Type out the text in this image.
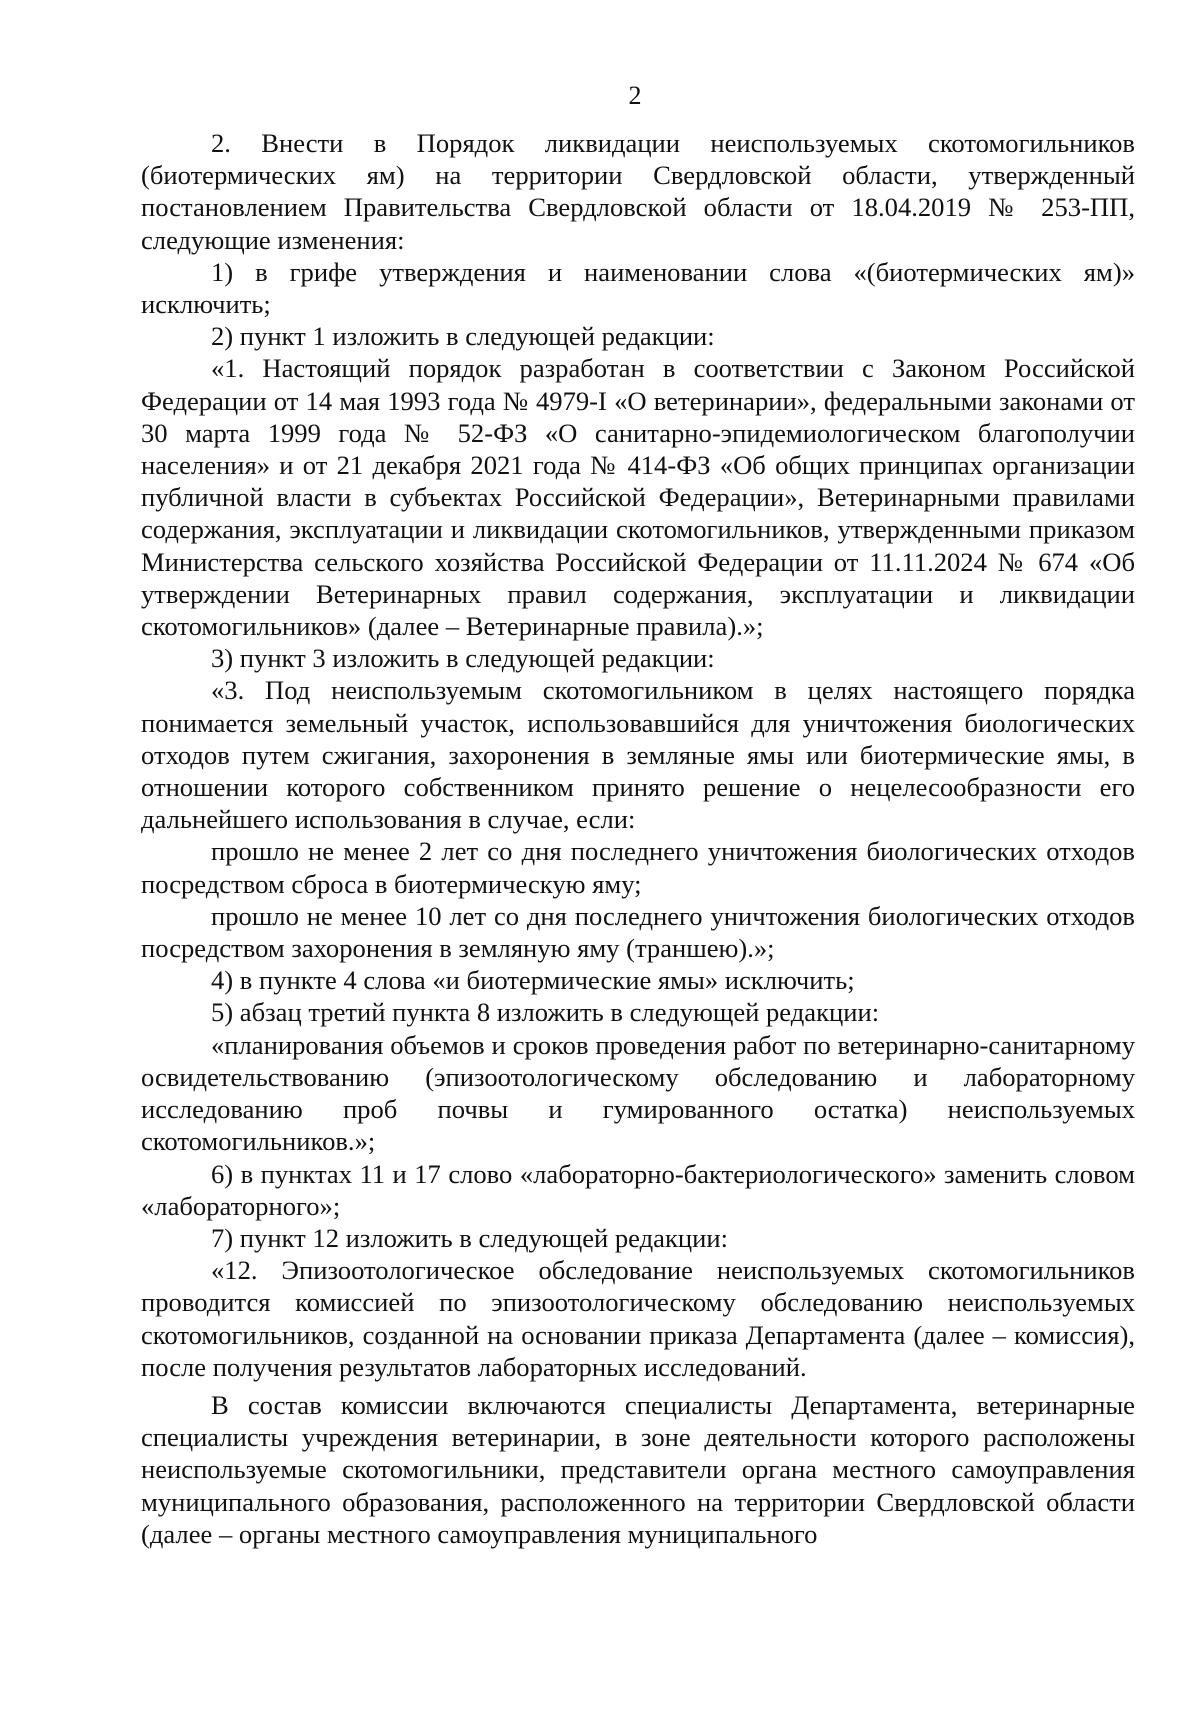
2

2. Внести в Порядок ликвидации неиспользуемых скотомогильников (биотермических ям) на территории Свердловской области, утвержденный постановлением Правительства Свердловской области от 18.04.2019 № 253-ПП, следующие изменения:

1) в грифе утверждения и наименовании слова «(биотермических ям)» исключить;

2) пункт 1 изложить в следующей редакции:

«1. Настоящий порядок разработан в соответствии с Законом Российской Федерации от 14 мая 1993 года № 4979-I «О ветеринарии», федеральными законами от 30 марта 1999 года № 52-ФЗ «О санитарно-эпидемиологическом благополучии населения» и от 21 декабря 2021 года № 414-ФЗ «Об общих принципах организации публичной власти в субъектах Российской Федерации», Ветеринарными правилами содержания, эксплуатации и ликвидации скотомогильников, утвержденными приказом Министерства сельского хозяйства Российской Федерации от 11.11.2024 № 674 «Об утверждении Ветеринарных правил содержания, эксплуатации и ликвидации скотомогильников» (далее – Ветеринарные правила).»;

3) пункт 3 изложить в следующей редакции:

«3. Под неиспользуемым скотомогильником в целях настоящего порядка понимается земельный участок, использовавшийся для уничтожения биологических отходов путем сжигания, захоронения в земляные ямы или биотермические ямы, в отношении которого собственником принято решение о нецелесообразности его дальнейшего использования в случае, если:

прошло не менее 2 лет со дня последнего уничтожения биологических отходов посредством сброса в биотермическую яму;

прошло не менее 10 лет со дня последнего уничтожения биологических отходов посредством захоронения в земляную яму (траншею).»;

4) в пункте 4 слова «и биотермические ямы» исключить;

5) абзац третий пункта 8 изложить в следующей редакции:

«планирования объемов и сроков проведения работ по ветеринарно-санитарному освидетельствованию (эпизоотологическому обследованию и лабораторному исследованию проб почвы и гумированного остатка) неиспользуемых скотомогильников.»;

6) в пунктах 11 и 17 слово «лабораторно-бактериологического» заменить словом «лабораторного»;

7) пункт 12 изложить в следующей редакции:

«12. Эпизоотологическое обследование неиспользуемых скотомогильников проводится комиссией по эпизоотологическому обследованию неиспользуемых скотомогильников, созданной на основании приказа Департамента (далее – комиссия), после получения результатов лабораторных исследований.

В состав комиссии включаются специалисты Департамента, ветеринарные специалисты учреждения ветеринарии, в зоне деятельности которого расположены неиспользуемые скотомогильники, представители органа местного самоуправления муниципального образования, расположенного на территории Свердловской области (далее – органы местного самоуправления муниципального
